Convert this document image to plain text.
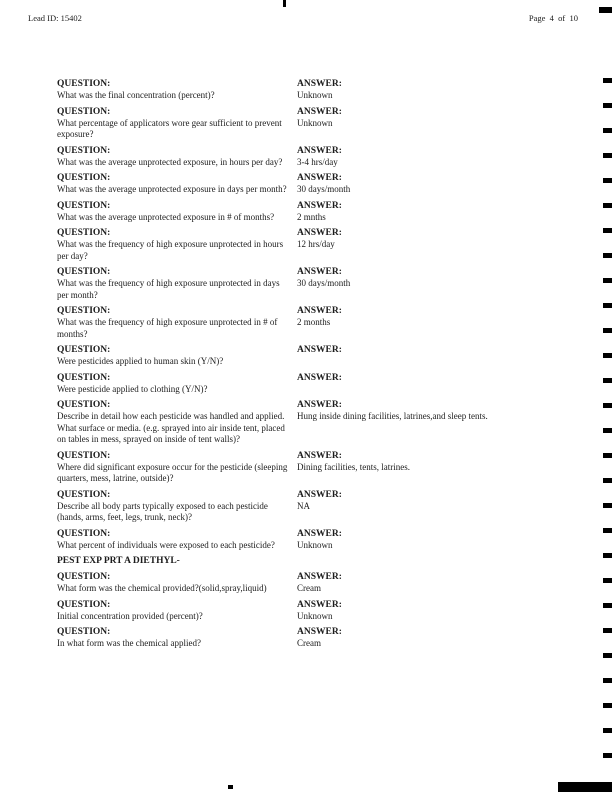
Lead ID: 15402	Page  4  of  10
QUESTION:
What was the final concentration (percent)?
ANSWER:
Unknown
QUESTION:
What percentage of applicators wore gear sufficient to prevent exposure?
ANSWER:
Unknown
QUESTION:
What was the average unprotected exposure, in hours per day?
ANSWER:
3-4 hrs/day
QUESTION:
What was the average unprotected exposure in days per month?
ANSWER:
30 days/month
QUESTION:
What was the average unprotected exposure in # of months?
ANSWER:
2 mnths
QUESTION:
What was the frequency of high exposure unprotected in hours per day?
ANSWER:
12 hrs/day
QUESTION:
What was the frequency of high exposure unprotected in days per month?
ANSWER:
30 days/month
QUESTION:
What was the frequency of high exposure unprotected in # of months?
ANSWER:
2 months
QUESTION:
Were pesticides applied to human skin (Y/N)?
ANSWER:
QUESTION:
Were pesticide applied to clothing (Y/N)?
ANSWER:
QUESTION:
Describe in detail how each pesticide was handled and applied. What surface or media. (e.g. sprayed into air inside tent, placed on tables in mess, sprayed on inside of tent walls)?
ANSWER:
Hung inside dining facilities, latrines,and sleep tents.
QUESTION:
Where did significant exposure occur for the pesticide (sleeping quarters, mess, latrine, outside)?
ANSWER:
Dining facilities, tents, latrines.
QUESTION:
Describe all body parts typically exposed to each pesticide (hands, arms, feet, legs, trunk, neck)?
ANSWER:
NA
QUESTION:
What percent of individuals were exposed to each pesticide?
ANSWER:
Unknown
PEST EXP PRT A DIETHYL-
QUESTION:
What form was the chemical provided?(solid,spray,liquid)
ANSWER:
Cream
QUESTION:
Initial concentration provided (percent)?
ANSWER:
Unknown
QUESTION:
In what form was the chemical applied?
ANSWER:
Cream
